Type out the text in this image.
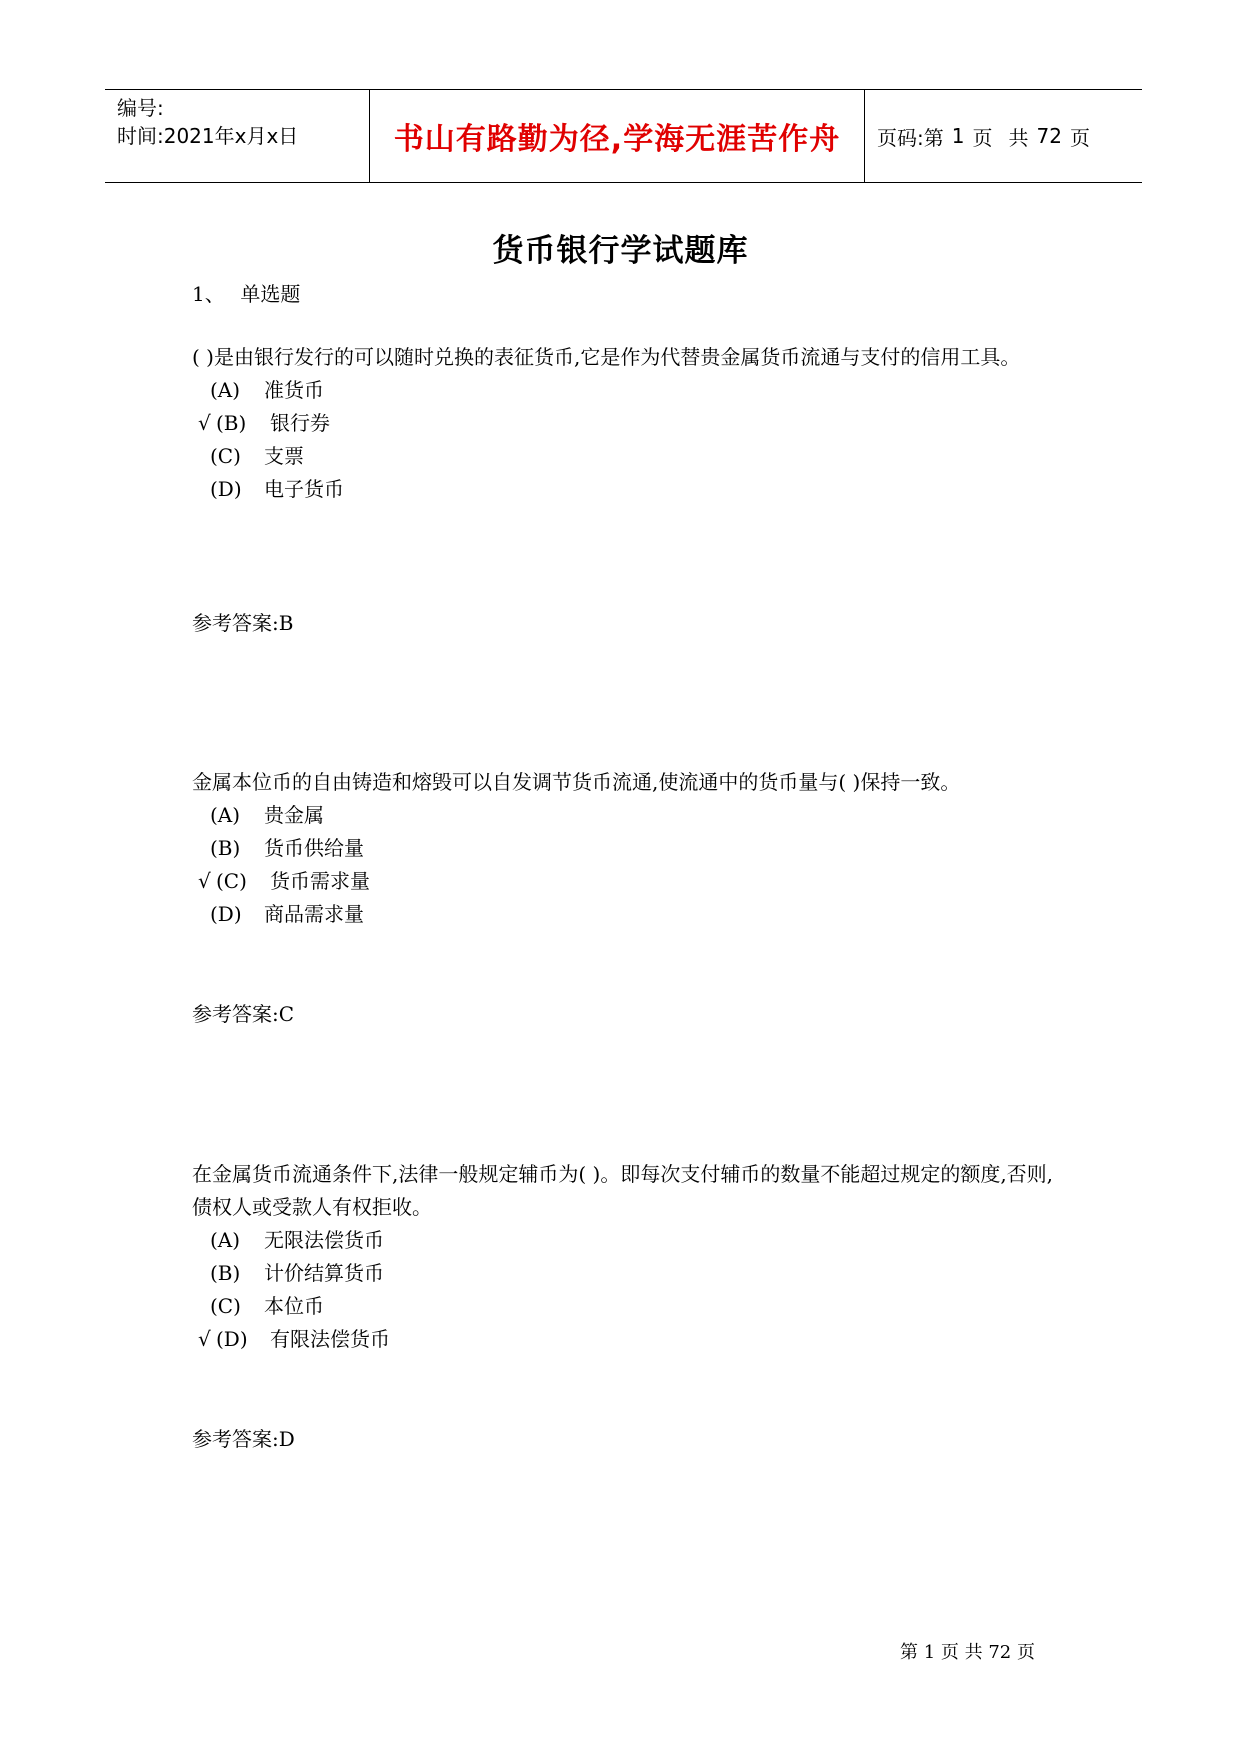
编号:
时间:2021年x月x日	书山有路勤为径,学海无涯苦作舟 页码:第 1 页 共 72 页
货币银行学试题库
1、 单选题

( )是由银行发行的可以随时兑换的表征货币,它是作为代替贵金属货币流通与支付的信用工具。

(A) 准货币
√ (B) 银行券
(C) 支票
(D) 电子货币
参考答案:B

金属本位币的自由铸造和熔毁可以自发调节货币流通,使流通中的货币量与( )保持一致。

(A) 贵金属
(B) 货币供给量
√ (C) 货币需求量
(D) 商品需求量
参考答案:C

在金属货币流通条件下,法律一般规定辅币为( )。即每次支付辅币的数量不能超过规定的额度,否则,债权人或受款人有权拒收。

(A) 无限法偿货币
(B) 计价结算货币
(C) 本位币
√ (D) 有限法偿货币
参考答案:D
第 1 页 共 72 页
